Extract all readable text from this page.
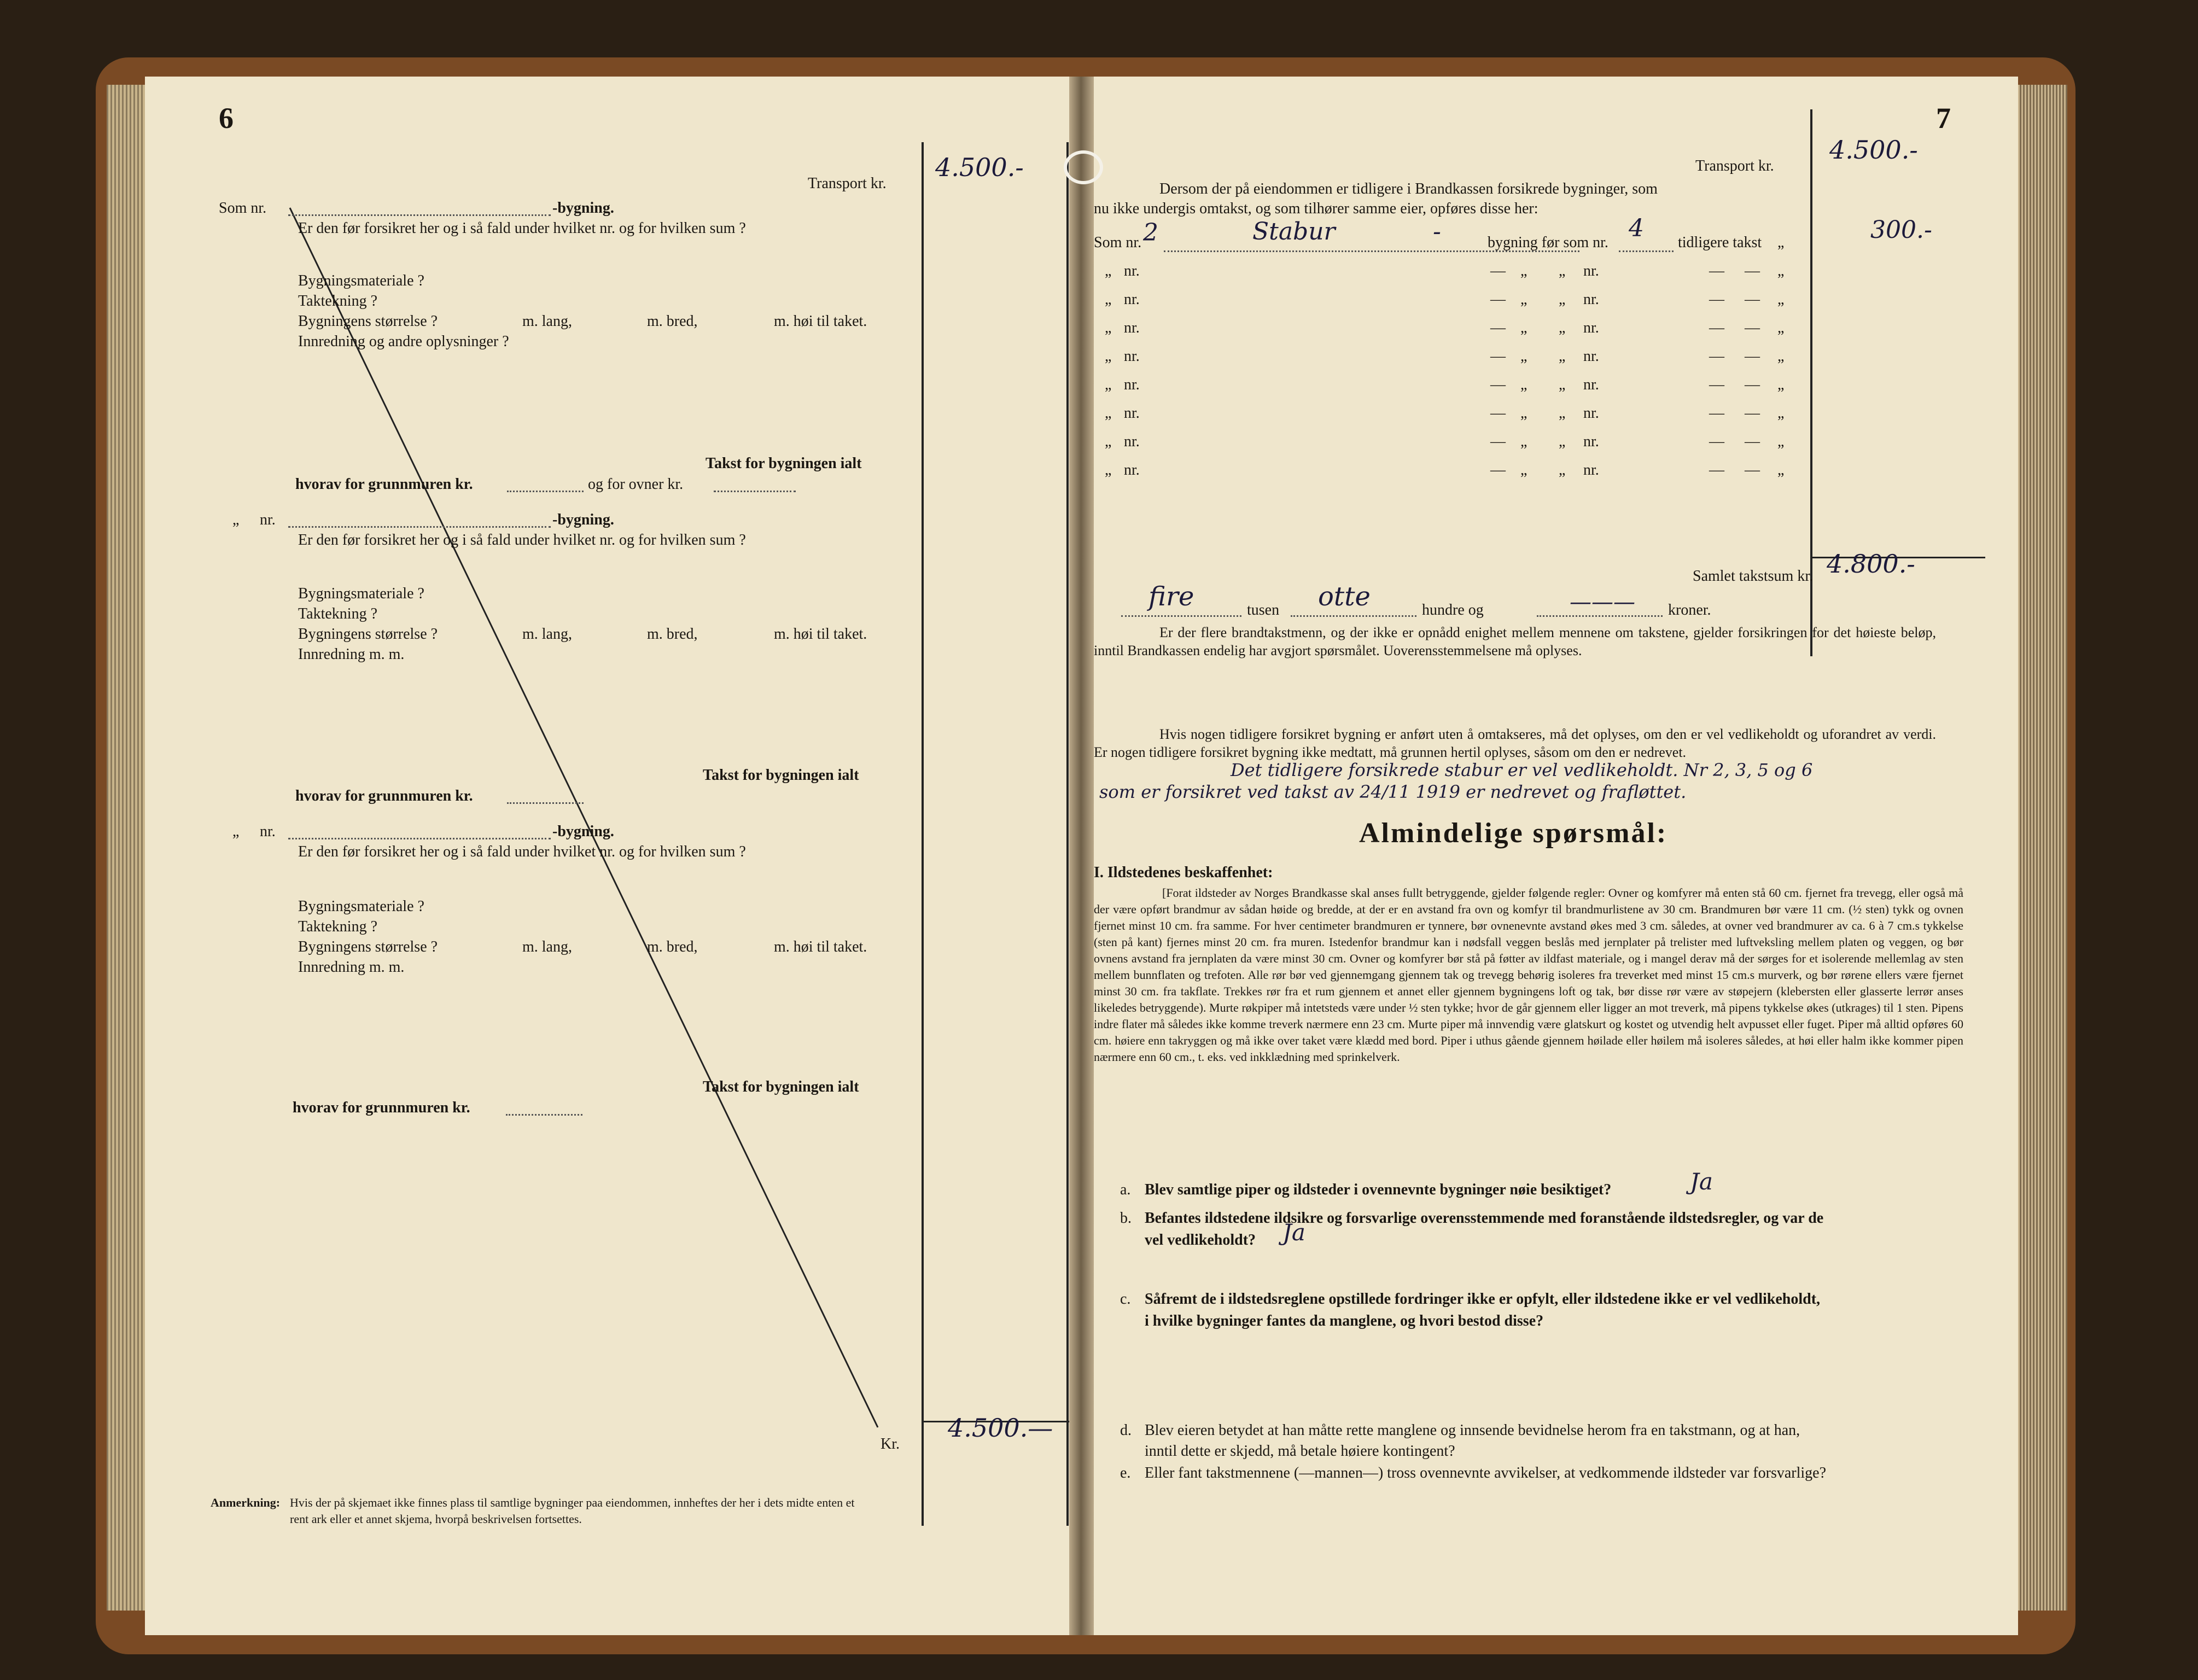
6
Transport kr.
4.500.-
Som nr.	-bygning.
Er den før forsikret her og i så fald under hvilket nr. og for hvilken sum ?
Bygningsmateriale ?
Taktekning ?
Bygningens størrelse ?	m. lang,	m. bred,	m. høi til taket.
Innredning og andre oplysninger ?
Takst for bygningen ialt
hvorav for grunnmuren kr.	og for ovner kr.
„ nr.	-bygning.
Er den før forsikret her og i så fald under hvilket nr. og for hvilken sum ?
Bygningsmateriale ?
Taktekning ?
Bygningens størrelse ?	m. lang,	m. bred,	m. høi til taket.
Innredning m. m.
Takst for bygningen ialt
hvorav for grunnmuren kr.
„ nr.	-bygning.
Er den før forsikret her og i så fald under hvilket nr. og for hvilken sum ?
Bygningsmateriale ?
Taktekning ?
Bygningens størrelse ?	m. lang,	m. bred,	m. høi til taket.
Innredning m. m.
Takst for bygningen ialt
hvorav for grunnmuren kr.
Kr.
4.500.—
Anmerkning: Hvis der på skjemaet ikke finnes plass til samtlige bygninger paa eiendommen, innheftes der her i dets midte enten et
rent ark eller et annet skjema, hvorpå beskrivelsen fortsettes.
7
Transport kr.
4.500.-
Dersom der på eiendommen er tidligere i Brandkassen forsikrede bygninger, som
nu ikke undergis omtakst, og som tilhører samme eier, opføres disse her:
Som nr. 2	Stabur	-	bygning før som nr.
4
tidligere takst „	300.-
„ nr.	— „ „ nr.	— — „
„ nr.	— „ „ nr.	— — „
„ nr.	— „ „ nr.	— — „
„ nr.	— „ „ nr.	— — „
„ nr.	— „ „ nr.	— — „
„ nr.	— „ „ nr.	— — „
„ nr.	— „ „ nr.	— — „
„ nr.	— „ „ nr.	— — „
Samlet takstsum kr. 4.800.-
fire	tusen otte	hundre og	——— kroner.
Er der flere brandtakstmenn, og der ikke er opnådd enighet mellem mennene om takstene, gjelder forsikringen for det høieste beløp, inntil Brandkassen endelig har avgjort spørsmålet. Uoverensstemmelsene må oplyses.
Hvis nogen tidligere forsikret bygning er anført uten å omtakseres, må det oplyses, om den er vel vedlikeholdt og uforandret av verdi. Er nogen tidligere forsikret bygning ikke medtatt, må grunnen hertil oplyses, såsom om den er nedrevet.
Det tidligere forsikrede stabur er vel vedlikeholdt. Nr 2, 3, 5 og 6
som er forsikret ved takst av 24/11 1919 er nedrevet og frafløttet.
Almindelige spørsmål:
I. Ildstedenes beskaffenhet:
[Forat ildsteder av Norges Brandkasse skal anses fullt betryggende, gjelder følgende regler: Ovner og komfyrer må enten stå 60 cm. fjernet fra trevegg, eller også må der være opført brandmur av sådan høide og bredde, at der er en avstand fra ovn og komfyr til brandmurlistene av 30 cm. Brandmuren bør være 11 cm. (½ sten) tykk og ovnen fjernet minst 10 cm. fra samme. For hver centimeter brandmuren er tynnere, bør ovnenevnte avstand økes med 3 cm. således, at ovner ved brandmurer av ca. 6 à 7 cm.s tykkelse (sten på kant) fjernes minst 20 cm. fra muren. Istedenfor brandmur kan i nødsfall veggen beslås med jernplater på trelister med luftveksling mellem platen og veggen, og bør ovnens avstand fra jernplaten da være minst 30 cm. Ovner og komfyrer bør stå på føtter av ildfast materiale, og i mangel derav må der sørges for et isolerende mellemlag av sten mellem bunnflaten og trefoten. Alle rør bør ved gjennemgang gjennem tak og trevegg behørig isoleres fra treverket med minst 15 cm.s murverk, og bør rørene ellers være fjernet minst 30 cm. fra takflate. Trekkes rør fra et rum gjennem et annet eller gjennem bygningens loft og tak, bør disse rør være av støpejern (klebersten eller glasserte lerrør anses likeledes betryggende). Murte røkpiper må intetsteds være under ½ sten tykke; hvor de går gjennem eller ligger an mot treverk, må pipens tykkelse økes (utkrages) til 1 sten. Pipens indre flater må således ikke komme treverk nærmere enn 23 cm. Murte piper må innvendig være glatskurt og kostet og utvendig helt avpusset eller fuget. Piper må alltid opføres 60 cm. høiere enn takryggen og må ikke over taket være klædd med bord. Piper i uthus gående gjennem høilade eller høilem må isoleres således, at høi eller halm ikke kommer pipen nærmere enn 60 cm., t. eks. ved inkklædning med sprinkelverk.
a. Blev samtlige piper og ildsteder i ovennevnte bygninger nøie besiktiget?	Ja
b. Befantes ildstedene ildsikre og forsvarlige overensstemmende med foranstående ildstedsregler, og var de
vel vedlikeholdt? Ja
c. Såfremt de i ildstedsreglene opstillede fordringer ikke er opfylt, eller ildstedene ikke er vel vedlikeholdt,
i hvilke bygninger fantes da manglene, og hvori bestod disse?
d. Blev eieren betydet at han måtte rette manglene og innsende bevidnelse herom fra en takstmann, og at han,
inntil dette er skjedd, må betale høiere kontingent?
e. Eller fant takstmennene (—mannen—) tross ovennevnte avvikelser, at vedkommende ildsteder var forsvarlige?
